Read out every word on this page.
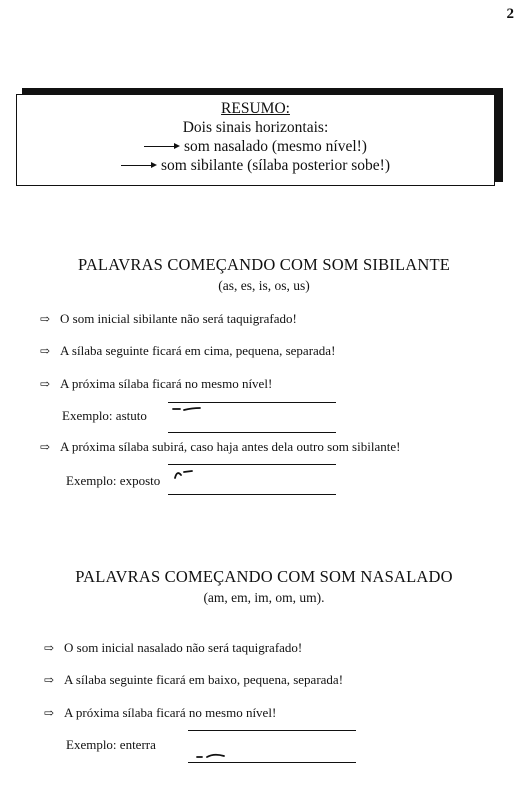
2
RESUMO:
Dois sinais horizontais:
som nasalado (mesmo nível!)
som sibilante (sílaba posterior sobe!)
PALAVRAS COMEÇANDO COM SOM SIBILANTE
(as, es, is, os, us)
⇨ O som inicial sibilante não será taquigrafado!
⇨ A sílaba seguinte ficará em cima, pequena, separada!
⇨ A próxima sílaba ficará no mesmo nível!
Exemplo: astuto
⇨ A próxima sílaba subirá, caso haja antes dela outro som sibilante!
Exemplo: exposto
PALAVRAS COMEÇANDO COM SOM NASALADO
(am, em, im, om, um).
⇨ O som inicial nasalado não será taquigrafado!
⇨ A sílaba seguinte ficará em baixo, pequena, separada!
⇨ A próxima sílaba ficará no mesmo nível!
Exemplo: enterra
